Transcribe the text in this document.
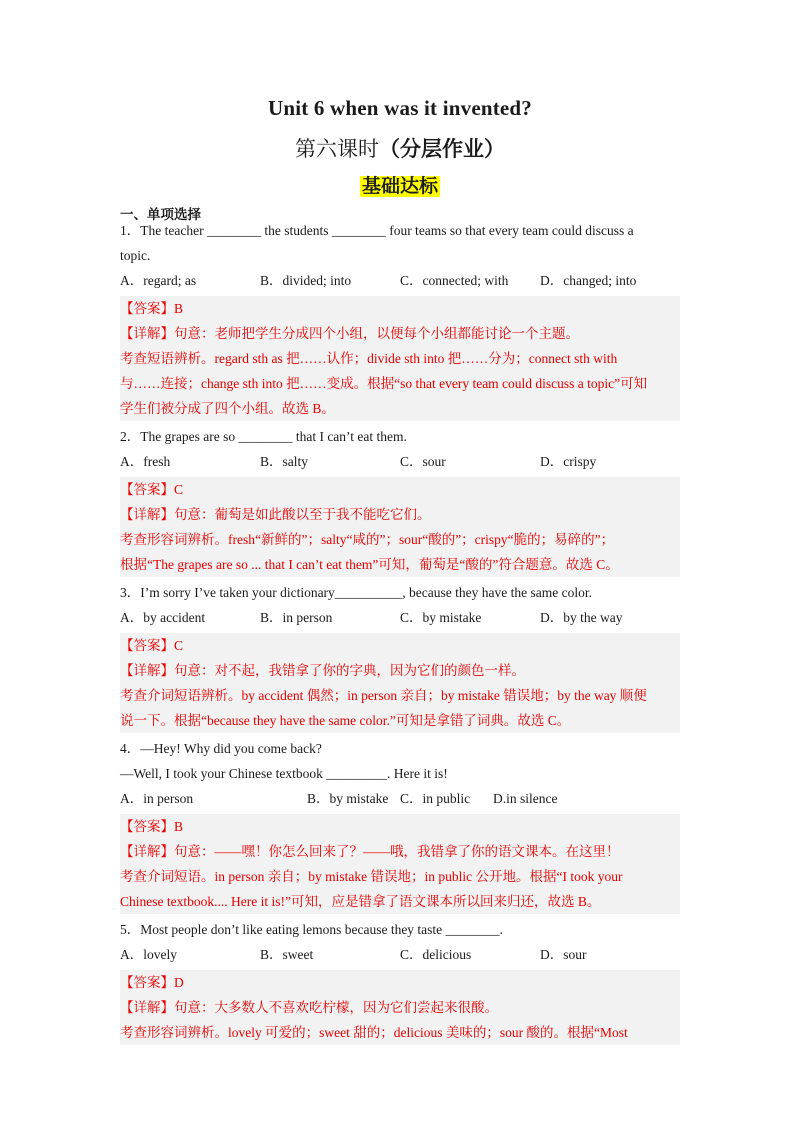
Unit 6 when was it invented?
第六课时（分层作业）
基础达标
一、单项选择
1．The teacher ________ the students ________ four teams so that every team could discuss a
topic.
A．regard; as	B．divided; into	C．connected; with	D．changed; into
【答案】B
【详解】句意：老师把学生分成四个小组，以便每个小组都能讨论一个主题。
考查短语辨析。regard sth as 把……认作；divide sth into 把……分为；connect sth with
与……连接；change sth into 把……变成。根据“so that every team could discuss a topic”可知
学生们被分成了四个小组。故选 B。
2．The grapes are so ________ that I can’t eat them.
A．fresh	B．salty	C．sour	D．crispy
【答案】C
【详解】句意：葡萄是如此酸以至于我不能吃它们。
考查形容词辨析。fresh“新鲜的”；salty“咸的”；sour“酸的”；crispy“脆的；易碎的”；
根据“The grapes are so ... that I can’t eat them”可知，葡萄是“酸的”符合题意。故选 C。
3．I’m sorry I’ve taken your dictionary__________, because they have the same color.
A．by accident	B．in person	C．by mistake	D．by the way
【答案】C
【详解】句意：对不起，我错拿了你的字典，因为它们的颜色一样。
考查介词短语辨析。by accident 偶然；in person 亲自；by mistake 错误地；by the way 顺便
说一下。根据“because they have the same color.”可知是拿错了词典。故选 C。
4．—Hey! Why did you come back?
—Well, I took your Chinese textbook _________. Here it is!
A．in person	B．by mistake C．in public	D.in silence
【答案】B
【详解】句意：——嘿！你怎么回来了？——哦，我错拿了你的语文课本。在这里！
考查介词短语。in person 亲自；by mistake 错误地；in public 公开地。根据“I took your
Chinese textbook.... Here it is!”可知，应是错拿了语文课本所以回来归还，故选 B。
5．Most people don’t like eating lemons because they taste ________.
A．lovely	B．sweet	C．delicious	D．sour
【答案】D
【详解】句意：大多数人不喜欢吃柠檬，因为它们尝起来很酸。
考查形容词辨析。lovely 可爱的；sweet 甜的；delicious 美味的；sour 酸的。根据“Most
